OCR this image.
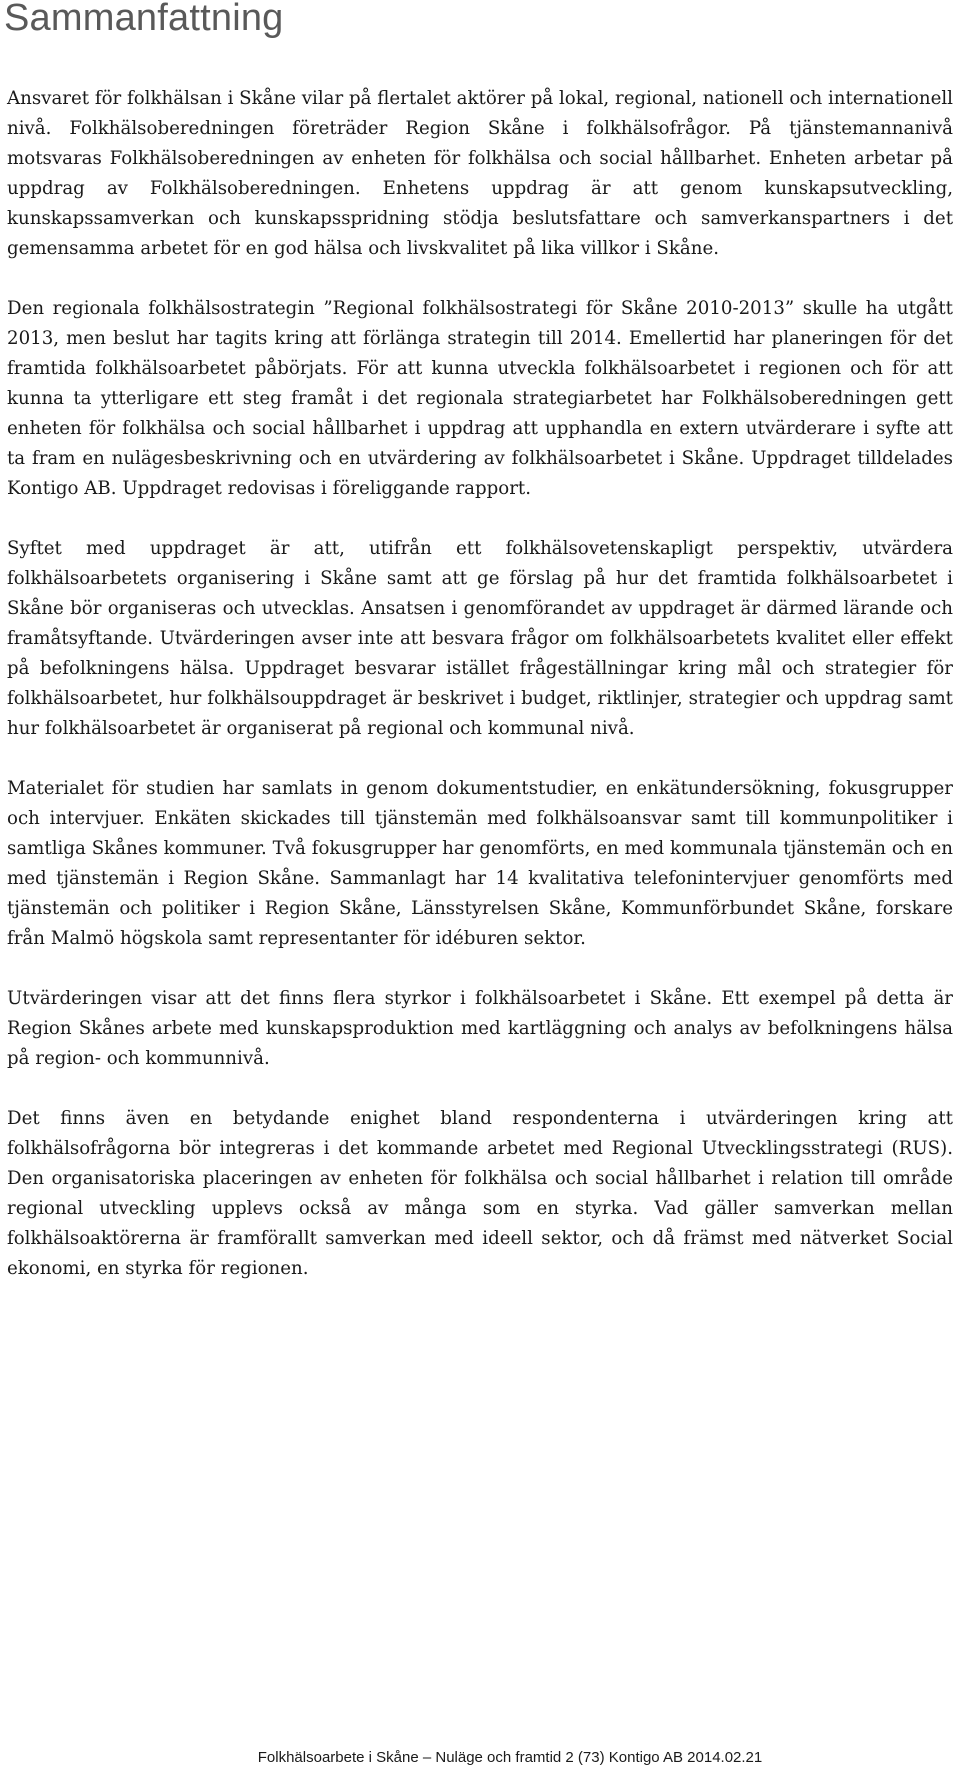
Sammanfattning

Ansvaret för folkhälsan i Skåne vilar på flertalet aktörer på lokal, regional, nationell och internationell nivå. Folkhälsoberedningen företräder Region Skåne i folkhälsofrågor. På tjänstemannanivå motsvaras Folkhälsoberedningen av enheten för folkhälsa och social hållbarhet. Enheten arbetar på uppdrag av Folkhälsoberedningen. Enhetens uppdrag är att genom kunskapsutveckling, kunskapssamverkan och kunskapsspridning stödja beslutsfattare och samverkanspartners i det gemensamma arbetet för en god hälsa och livskvalitet på lika villkor i Skåne.

Den regionala folkhälsostrategin ”Regional folkhälsostrategi för Skåne 2010-2013” skulle ha utgått 2013, men beslut har tagits kring att förlänga strategin till 2014. Emellertid har planeringen för det framtida folkhälsoarbetet påbörjats. För att kunna utveckla folkhälsoarbetet i regionen och för att kunna ta ytterligare ett steg framåt i det regionala strategiarbetet har Folkhälsoberedningen gett enheten för folkhälsa och social hållbarhet i uppdrag att upphandla en extern utvärderare i syfte att ta fram en nulägesbeskrivning och en utvärdering av folkhälsoarbetet i Skåne. Uppdraget tilldelades Kontigo AB. Uppdraget redovisas i föreliggande rapport.

Syftet med uppdraget är att, utifrån ett folkhälsovetenskapligt perspektiv, utvärdera folkhälsoarbetets organisering i Skåne samt att ge förslag på hur det framtida folkhälsoarbetet i Skåne bör organiseras och utvecklas. Ansatsen i genomförandet av uppdraget är därmed lärande och framåtsyftande. Utvärderingen avser inte att besvara frågor om folkhälsoarbetets kvalitet eller effekt på befolkningens hälsa. Uppdraget besvarar istället frågeställningar kring mål och strategier för folkhälsoarbetet, hur folkhälsouppdraget är beskrivet i budget, riktlinjer, strategier och uppdrag samt hur folkhälsoarbetet är organiserat på regional och kommunal nivå.

Materialet för studien har samlats in genom dokumentstudier, en enkätundersökning, fokusgrupper och intervjuer. Enkäten skickades till tjänstemän med folkhälsoansvar samt till kommunpolitiker i samtliga Skånes kommuner. Två fokusgrupper har genomförts, en med kommunala tjänstemän och en med tjänstemän i Region Skåne. Sammanlagt har 14 kvalitativa telefonintervjuer genomförts med tjänstemän och politiker i Region Skåne, Länsstyrelsen Skåne, Kommunförbundet Skåne, forskare från Malmö högskola samt representanter för idéburen sektor.

Utvärderingen visar att det finns flera styrkor i folkhälsoarbetet i Skåne. Ett exempel på detta är Region Skånes arbete med kunskapsproduktion med kartläggning och analys av befolkningens hälsa på region- och kommunnivå.

Det finns även en betydande enighet bland respondenterna i utvärderingen kring att folkhälsofrågorna bör integreras i det kommande arbetet med Regional Utvecklingsstrategi (RUS). Den organisatoriska placeringen av enheten för folkhälsa och social hållbarhet i relation till område regional utveckling upplevs också av många som en styrka. Vad gäller samverkan mellan folkhälsoaktörerna är framförallt samverkan med ideell sektor, och då främst med nätverket Social ekonomi, en styrka för regionen.

Folkhälsoarbete i Skåne – Nuläge och framtid 2 (73) Kontigo AB 2014.02.21
